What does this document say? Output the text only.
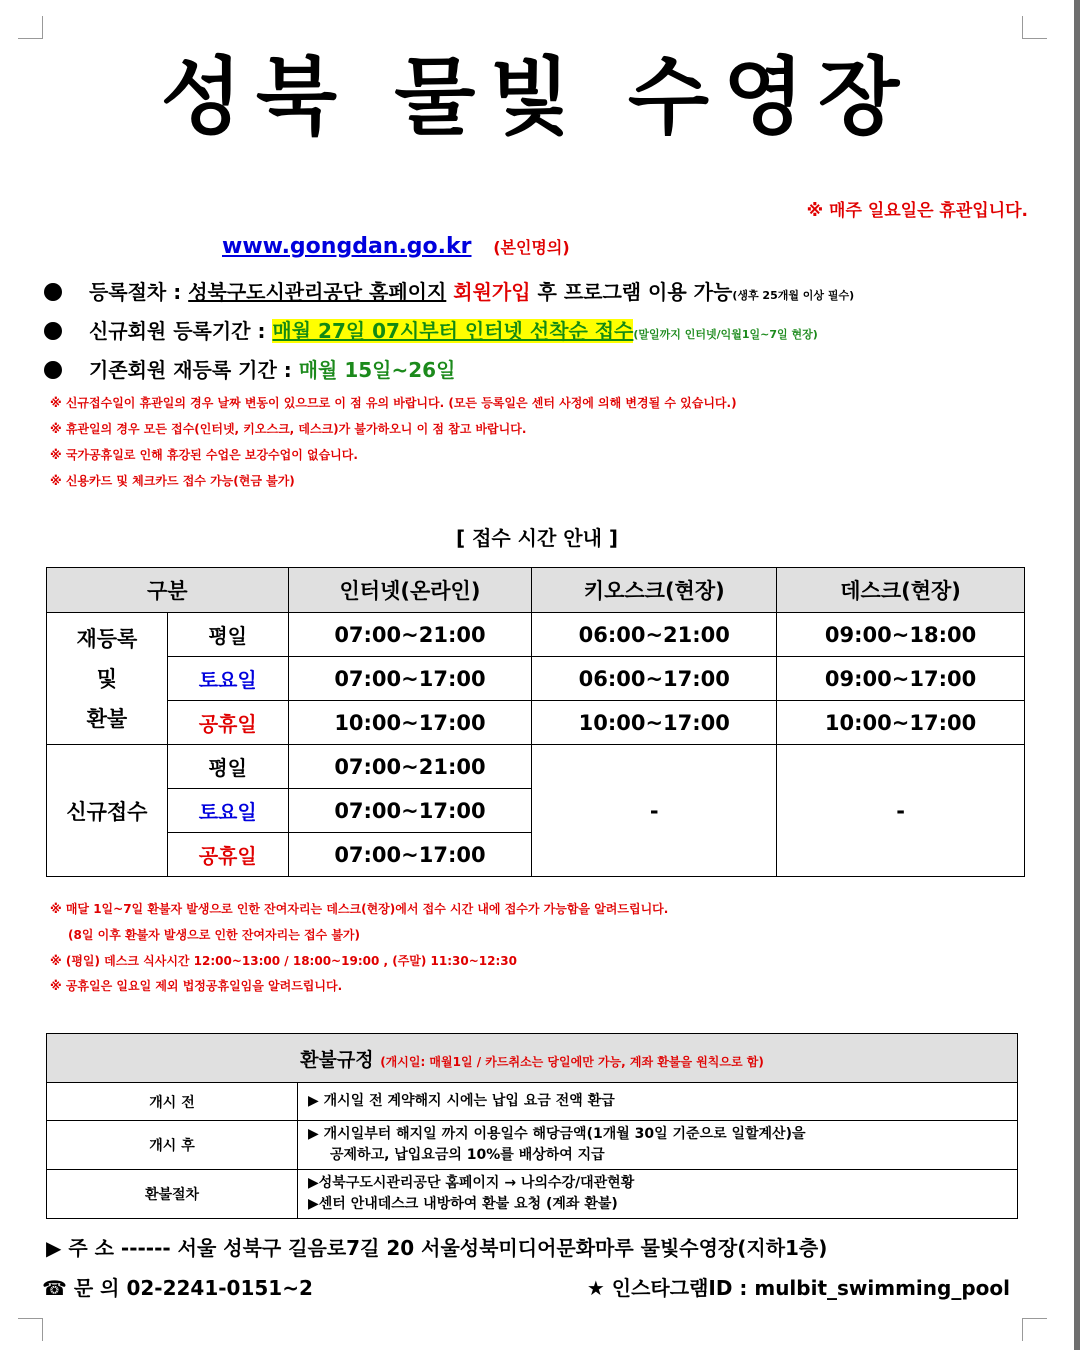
성북 물빛 수영장
※ 매주 일요일은 휴관입니다.
www.gongdan.go.kr (본인명의)
등록절차 : 성북구도시관리공단 홈페이지 회원가입 후 프로그램 이용 가능(생후 25개월 이상 필수)
신규회원 등록기간 : 매월 27일 07시부터 인터넷 선착순 접수(말일까지 인터넷/익월1일~7일 현장)
기존회원 재등록 기간 : 매월 15일~26일
※ 신규접수일이 휴관일의 경우 날짜 변동이 있으므로 이 점 유의 바랍니다. (모든 등록일은 센터 사정에 의해 변경될 수 있습니다.)
※ 휴관일의 경우 모든 접수(인터넷, 키오스크, 데스크)가 불가하오니 이 점 참고 바랍니다.
※ 국가공휴일로 인해 휴강된 수업은 보강수업이 없습니다.
※ 신용카드 및 체크카드 접수 가능(현금 불가)
[ 접수 시간 안내 ]
구분		인터넷(온라인)	키오스크(현장)	데스크(현장)

재등록
및
환불	평일	07:00~21:00	06:00~21:00	09:00~18:00
	토요일	07:00~17:00	06:00~17:00	09:00~17:00
	공휴일	10:00~17:00	10:00~17:00	10:00~17:00
신규접수	평일	07:00~21:00	-	-
	토요일	07:00~17:00		
	공휴일	07:00~17:00		
※ 매달 1일~7일 환불자 발생으로 인한 잔여자리는 데스크(현장)에서 접수 시간 내에 접수가 가능함을 알려드립니다.
(8일 이후 환불자 발생으로 인한 잔여자리는 접수 불가)
※ (평일) 데스크 식사시간 12:00~13:00 / 18:00~19:00 , (주말) 11:30~12:30
※ 공휴일은 일요일 제외 법정공휴일임을 알려드립니다.
환불규정 (개시일: 매월1일 / 카드취소는 당일에만 가능, 계좌 환불을 원칙으로 함)	
개시 전	▶ 개시일 전 계약해지 시에는 납입 요금 전액 환급

개시 후	▶ 개시일부터 해지일 까지 이용일수 해당금액(1개월 30일 기준으로 일할계산)을
공제하고, 납입요금의 10%를 배상하여 지급

환불절차	▶성북구도시관리공단 홈페이지 → 나의수강/대관현황
▶센터 안내데스크 내방하여 환불 요청 (계좌 환불)
▶ 주 소 ------ 서울 성북구 길음로7길 20 서울성북미디어문화마루 물빛수영장(지하1층)
☎ 문 의 02-2241-0151~2	★ 인스타그램ID : mulbit_swimming_pool
